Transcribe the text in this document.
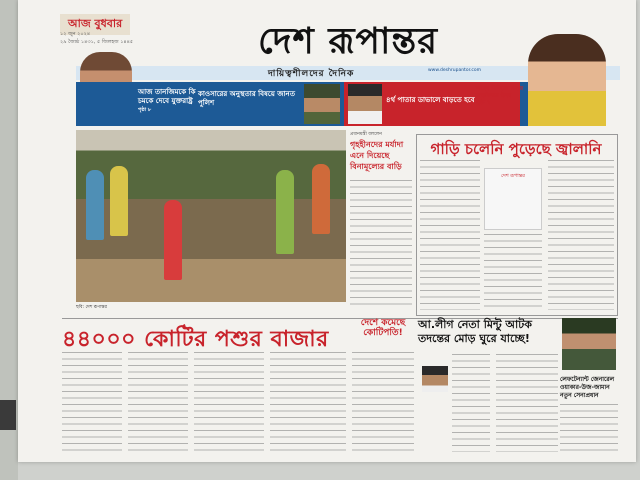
আজ বুধবার
১২ জুন ২০২৪
২৯ জ্যৈষ্ঠ ১৪৩১, ৫ জিলহজ ১৪৪৫	দেশ রূপান্তর
দায়িত্বশীলদের দৈনিক	www.deshrupantor.com
আজ তানজিমকে কি চমকে দেবে যুক্তরাষ্ট্র
পৃষ্ঠা ৮
কাওসারের অনুস্থতার বিষয়ে জানত পুলিশ	৪র্থ পাতার ডাভালে বাড়তে হবে
অবৈধ শিবিরের সাজে মডেলিংয়ে উদয়
পৃষ্ঠা ৭
ছবি: দেশ রূপান্তর
প্রধানমন্ত্রী বললেন
গৃহহীনদের মর্যাদা এনে দিয়েছে বিনামূল্যের বাড়ি
গাড়ি চলেনি পুড়েছে জ্বালানি
দেশ রূপান্তর
৪৪০০০ কোটির পশুর বাজার
দেশে কমেছে কোটিপতি!
আ.লীগ নেতা মিন্টু আটক তদন্তের মোড় ঘুরে যাচ্ছে!
লেফটেন্যান্ট জেনারেল ওয়াকার-উজ-জামান নতুন সেনাপ্রধান
